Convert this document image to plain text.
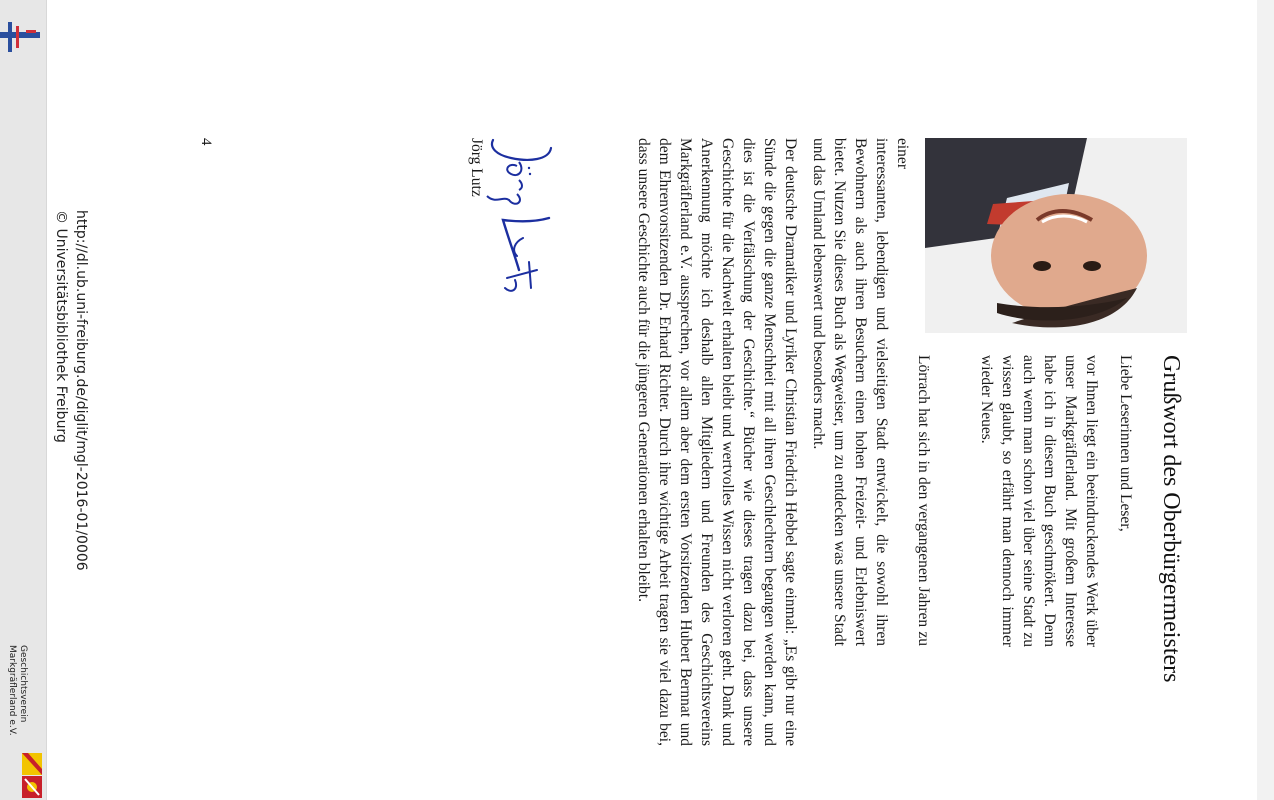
Geschichtsverein
Markgräflerland e.V.
Grußwort des Oberbürgermeisters
Liebe Leserinnen und Leser,
vor Ihnen liegt ein beeindruckendes Werk über unser Markgräflerland. Mit großem Interesse habe ich in diesem Buch geschmökert. Denn auch wenn man schon viel über seine Stadt zu wissen glaubt, so erfährt man dennoch immer wieder Neues.
Lörrach hat sich in den vergangenen Jahren zu einer
interessanten, lebendigen und vielseitigen Stadt entwickelt, die sowohl ihren Bewohnern als auch ihren Besuchern einen hohen Freizeit- und Erlebniswert bietet. Nutzen Sie dieses Buch als Wegweiser, um zu entdecken was unsere Stadt und das Umland lebenswert und besonders macht.
Der deutsche Dramatiker und Lyriker Christian Friedrich Hebbel sagte einmal: „Es gibt nur eine Sünde die gegen die ganze Menschheit mit all ihren Geschlechtern begangen werden kann, und dies ist die Verfälschung der Geschichte.“ Bücher wie dieses tragen dazu bei, dass unsere Geschichte für die Nachwelt erhalten bleibt und wertvolles Wissen nicht verloren geht. Dank und Anerkennung möchte ich deshalb allen Mitgliedern und Freunden des Geschichtsvereins Markgräflerland e.V. aussprechen, vor allem aber dem ersten Vorsitzenden Hubert Bernnat und dem Ehrenvorsitzenden Dr. Erhard Richter. Durch ihre wichtige Arbeit tragen sie viel dazu bei, dass unsere Geschichte auch für die jüngeren Generationen erhalten bleibt.
Jörg Lutz
4
http://dl.ub.uni-freiburg.de/diglit/mgl-2016-01/0006
© Universitätsbibliothek Freiburg
